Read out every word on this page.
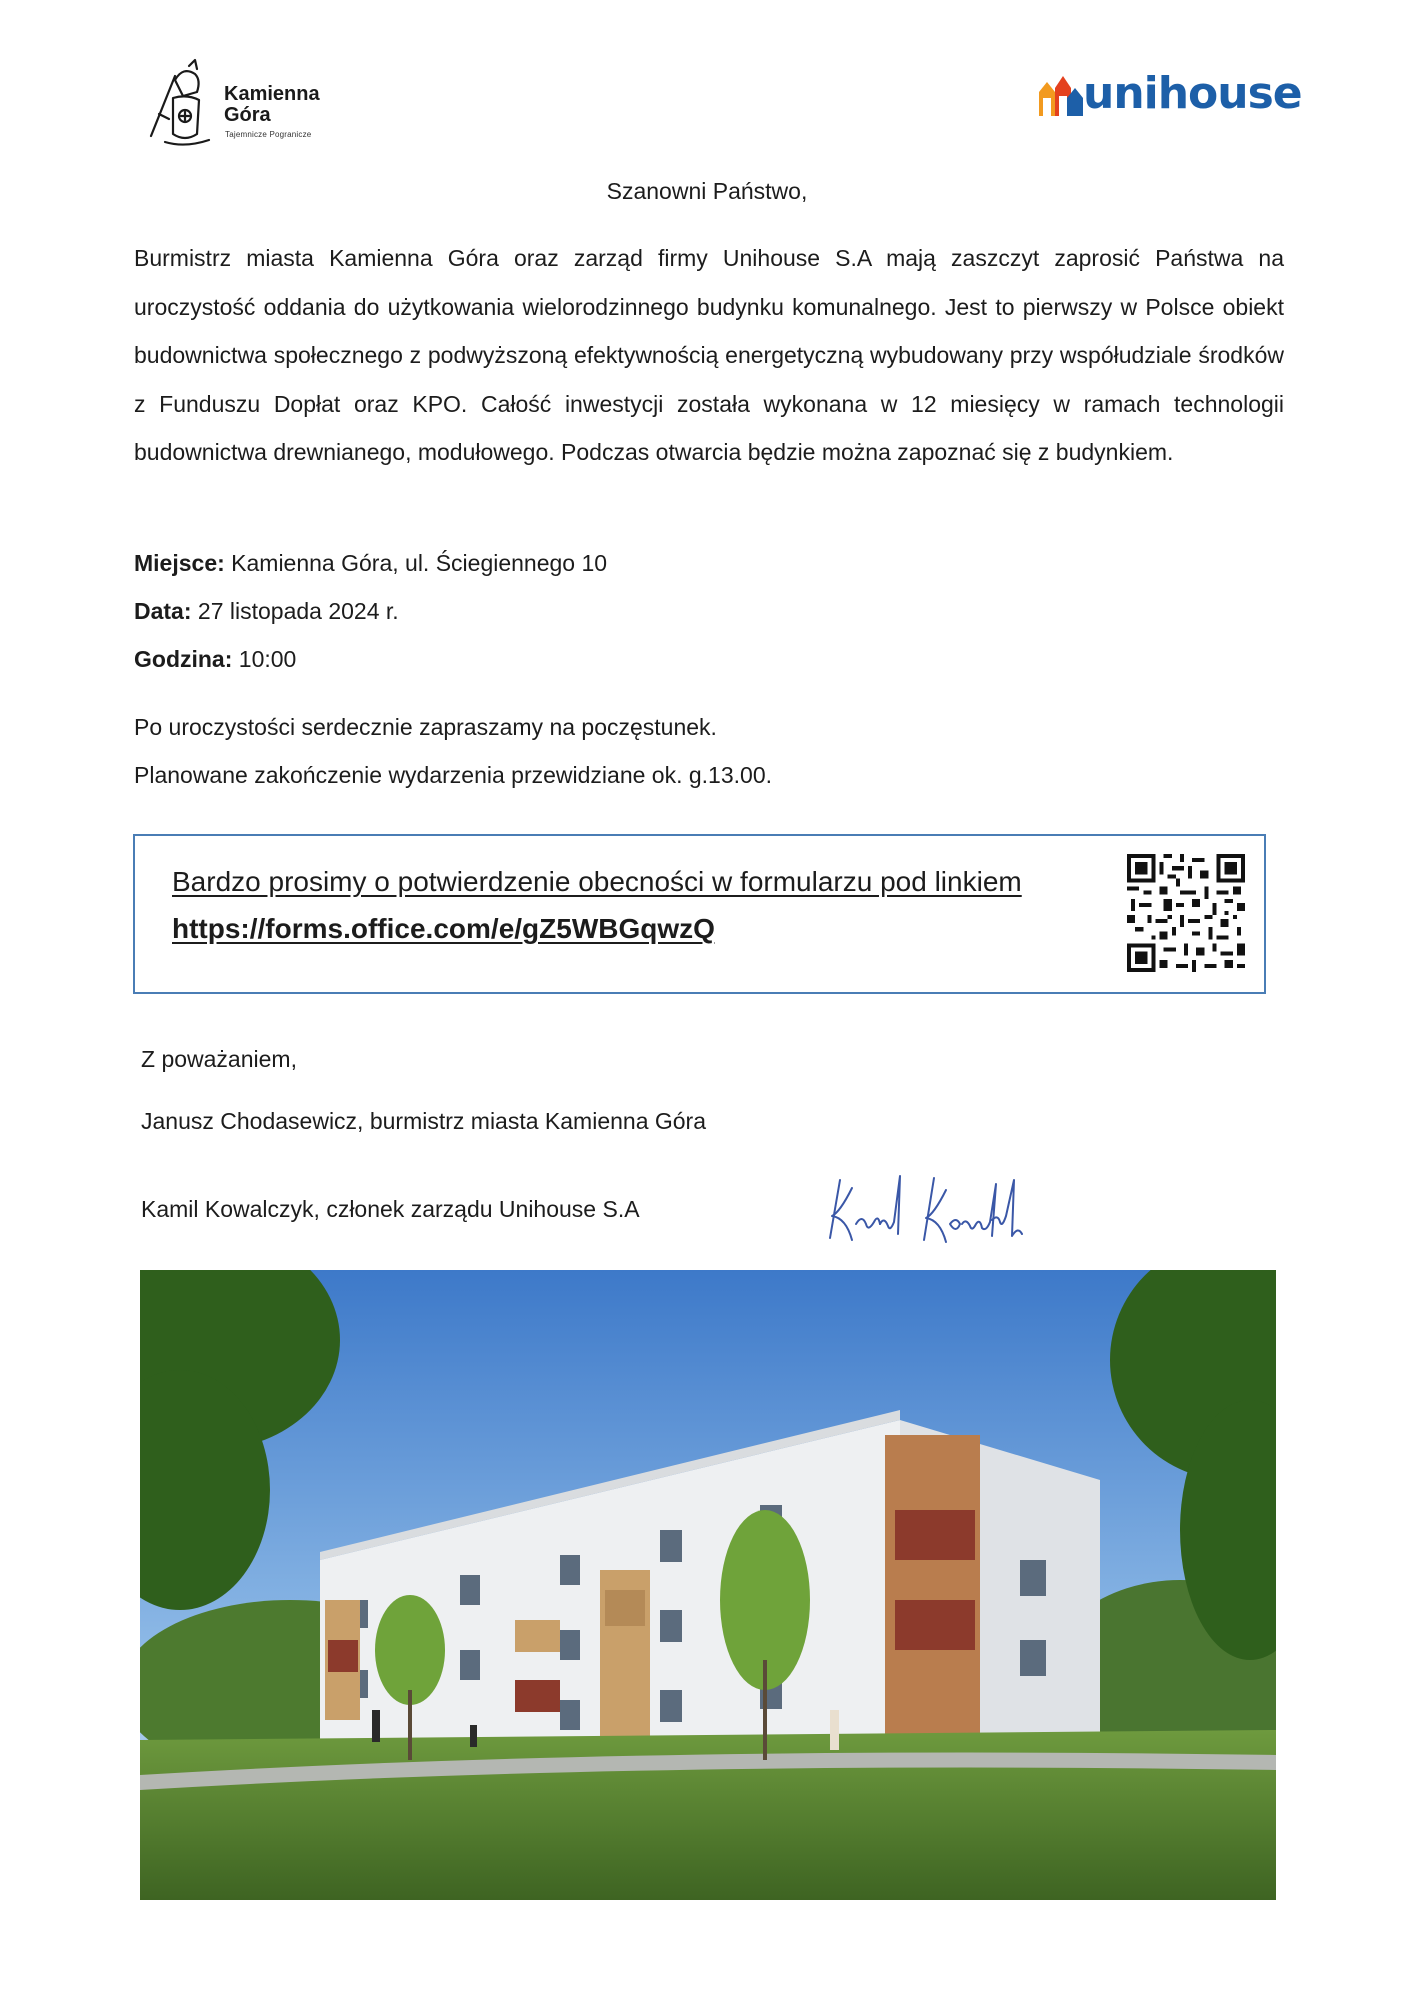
Kamienna
Góra
Tajemnicze Pogranicze
unihouse
Szanowni Państwo,
Burmistrz miasta Kamienna Góra oraz zarząd firmy Unihouse S.A mają zaszczyt zaprosić Państwa na uroczystość oddania do użytkowania wielorodzinnego budynku komunalnego. Jest to pierwszy w Polsce obiekt budownictwa społecznego z podwyższoną efektywnością energetyczną wybudowany przy współudziale środków z Funduszu Dopłat oraz KPO. Całość inwestycji została wykonana w 12 miesięcy w ramach technologii budownictwa drewnianego, modułowego. Podczas otwarcia będzie można zapoznać się z budynkiem.
Miejsce: Kamienna Góra, ul. Ściegiennego 10
Data: 27 listopada 2024 r.
Godzina: 10:00
Po uroczystości serdecznie zapraszamy na poczęstunek.
Planowane zakończenie wydarzenia przewidziane ok. g.13.00.
Bardzo prosimy o potwierdzenie obecności w formularzu pod linkiem
https://forms.office.com/e/gZ5WBGqwzQ
Z poważaniem,
Janusz Chodasewicz, burmistrz miasta Kamienna Góra
Kamil Kowalczyk, członek zarządu Unihouse S.A
